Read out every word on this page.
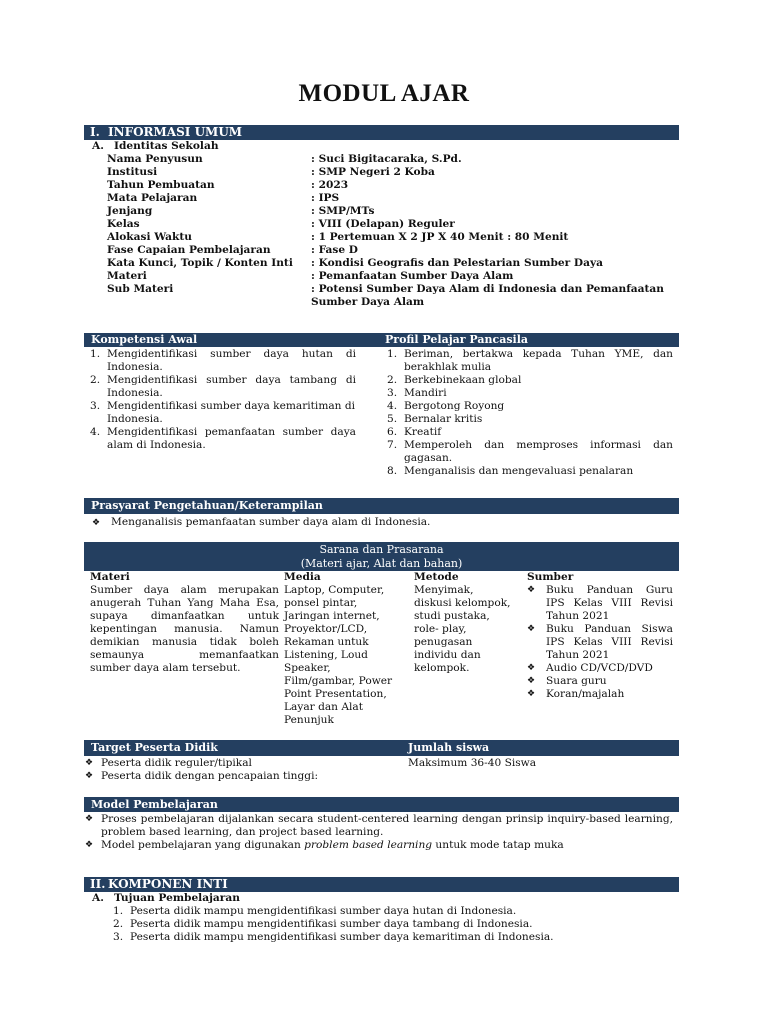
MODUL AJAR
I. INFORMASI UMUM
A. Identitas Sekolah
Nama Penyusun	: Suci Bigitacaraka, S.Pd.
Institusi	: SMP Negeri 2 Koba
Tahun Pembuatan	: 2023
Mata Pelajaran	: IPS
Jenjang	: SMP/MTs
Kelas	: VIII (Delapan) Reguler
Alokasi Waktu	: 1 Pertemuan X 2 JP X 40 Menit : 80 Menit
Fase Capaian Pembelajaran	: Fase D
Kata Kunci, Topik / Konten Inti : Kondisi Geografis dan Pelestarian Sumber Daya
Materi	: Pemanfaatan Sumber Daya Alam
Sub Materi	: Potensi Sumber Daya Alam di Indonesia dan Pemanfaatan
Sumber Daya Alam
Kompetensi Awal	Profil Pelajar Pancasila
1. Mengidentifikasi sumber daya hutan di
Indonesia.
2. Mengidentifikasi sumber daya tambang di
Indonesia.
3. Mengidentifikasi sumber daya kemaritiman di
Indonesia.
4. Mengidentifikasi pemanfaatan sumber daya
alam di Indonesia.
1. Beriman, bertakwa kepada Tuhan YME, dan
berakhlak mulia
2. Berkebinekaan global
3. Mandiri
4. Bergotong Royong
5. Bernalar kritis
6. Kreatif
7. Memperoleh dan memproses informasi dan
gagasan.
8. Menganalisis dan mengevaluasi penalaran
Prasyarat Pengetahuan/Keterampilan
❖ Menganalisis pemanfaatan sumber daya alam di Indonesia.
Sarana dan Prasarana
(Materi ajar, Alat dan bahan)
Materi
Sumber daya alam merupakan
anugerah Tuhan Yang Maha Esa,
supaya dimanfaatkan untuk
kepentingan manusia. Namun
demikian manusia tidak boleh
semaunya memanfaatkan
sumber daya alam tersebut.
Media
Laptop, Computer,
ponsel pintar,
Jaringan internet,
Proyektor/LCD,
Rekaman untuk
Listening, Loud
Speaker,
Film/gambar, Power
Point Presentation,
Layar dan Alat
Penunjuk
Metode
Menyimak,
diskusi kelompok,
studi pustaka,
role- play,
penugasan
individu dan
kelompok.
Sumber
❖ Buku Panduan Guru
IPS Kelas VIII Revisi
Tahun 2021
❖ Buku Panduan Siswa
IPS Kelas VIII Revisi
Tahun 2021
❖ Audio CD/VCD/DVD
❖ Suara guru
❖ Koran/majalah
Target Peserta Didik	Jumlah siswa
❖ Peserta didik reguler/tipikal
❖ Peserta didik dengan pencapaian tinggi:
Maksimum 36-40 Siswa
Model Pembelajaran
❖ Proses pembelajaran dijalankan secara student-centered learning dengan prinsip inquiry-based learning,
problem based learning, dan project based learning.
❖ Model pembelajaran yang digunakan problem based learning untuk mode tatap muka
II. KOMPONEN INTI
A. Tujuan Pembelajaran
1. Peserta didik mampu mengidentifikasi sumber daya hutan di Indonesia.
2. Peserta didik mampu mengidentifikasi sumber daya tambang di Indonesia.
3. Peserta didik mampu mengidentifikasi sumber daya kemaritiman di Indonesia.
